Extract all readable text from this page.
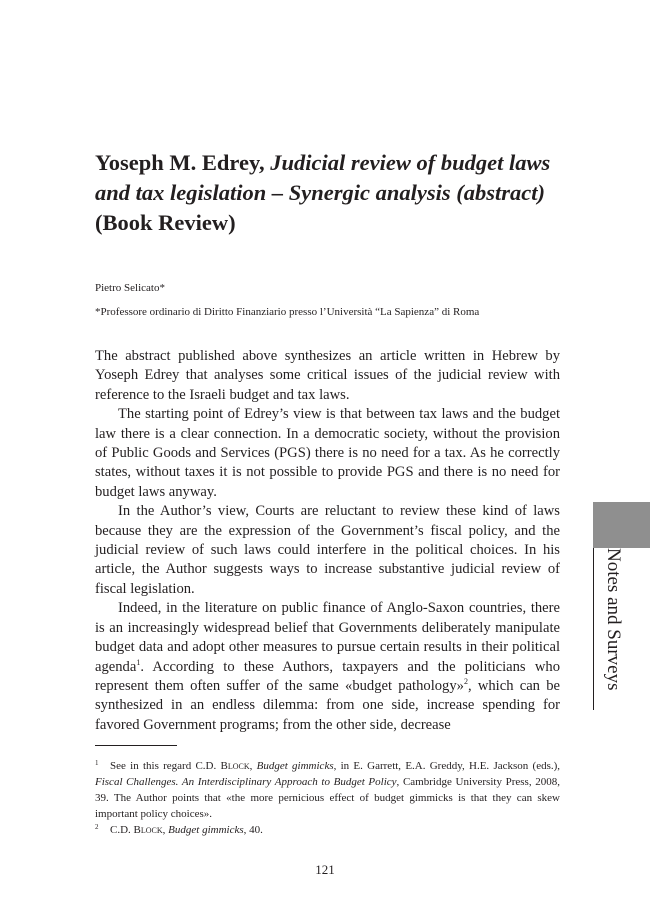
Yoseph M. Edrey, Judicial review of budget laws and tax legislation – Synergic analysis (abstract) (Book Review)

Pietro Selicato*

*Professore ordinario di Diritto Finanziario presso l’Università “La Sapienza” di Roma

The abstract published above synthesizes an article written in Hebrew by Yoseph Edrey that analyses some critical issues of the judicial review with reference to the Israeli budget and tax laws.

The starting point of Edrey’s view is that between tax laws and the budget law there is a clear connection. In a democratic society, without the provision of Public Goods and Services (PGS) there is no need for a tax. As he correctly states, without taxes it is not possible to provide PGS and there is no need for budget laws anyway.

In the Author’s view, Courts are reluctant to review these kind of laws because they are the expression of the Government’s fiscal policy, and the judicial review of such laws could interfere in the political choices. In his article, the Author suggests ways to increase substantive judicial review of fiscal legislation.

Indeed, in the literature on public finance of Anglo-Saxon countries, there is an increasingly widespread belief that Governments deliberately manipulate budget data and adopt other measures to pursue certain results in their political agenda$^1$. According to these Authors, taxpayers and the politicians who represent them often suffer of the same «budget pathology»$^2$, which can be synthesized in an endless dilemma: from one side, increase spending for favored Government programs; from the other side, decrease

1 See in this regard C.D. Block, Budget gimmicks, in E. Garrett, E.A. Greddy, H.E. Jackson (eds.), Fiscal Challenges. An Interdisciplinary Approach to Budget Policy, Cambridge University Press, 2008, 39. The Author points that «the more pernicious effect of budget gimmicks is that they can skew important policy choices».

2 C.D. Block, Budget gimmicks, 40.

121

Notes and Surveys
